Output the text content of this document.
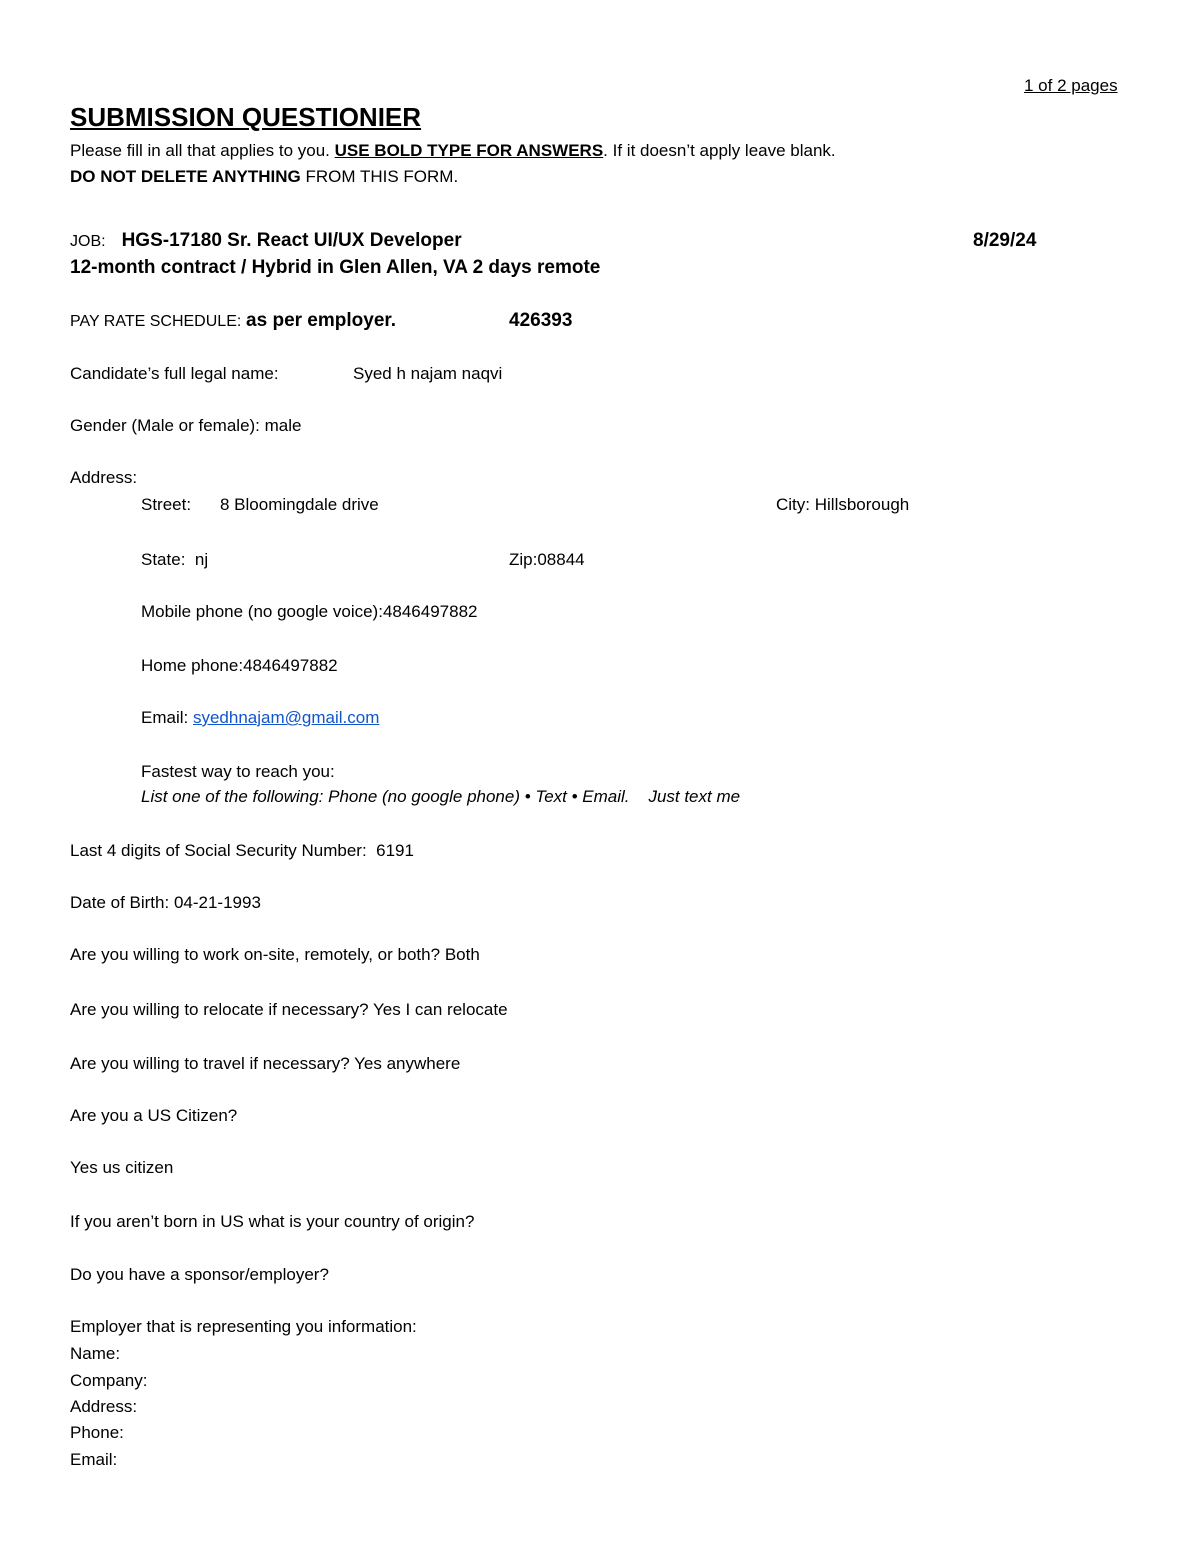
1 of 2 pages
SUBMISSION QUESTIONIER
Please fill in all that applies to you. USE BOLD TYPE FOR ANSWERS. If it doesn’t apply leave blank.
DO NOT DELETE ANYTHING FROM THIS FORM.
JOB: HGS-17180 Sr. React UI/UX Developer	8/29/24
12-month contract / Hybrid in Glen Allen, VA 2 days remote
PAY RATE SCHEDULE: as per employer.	426393
Candidate’s full legal name:	Syed h najam naqvi
Gender (Male or female): male
Address:
Street: 8 Bloomingdale drive	City: Hillsborough
State: nj	Zip:08844
Mobile phone (no google voice):4846497882
Home phone:4846497882
Email: syedhnajam@gmail.com
Fastest way to reach you:
List one of the following: Phone (no google phone) • Text • Email. Just text me
Last 4 digits of Social Security Number: 6191
Date of Birth: 04-21-1993
Are you willing to work on-site, remotely, or both? Both
Are you willing to relocate if necessary? Yes I can relocate
Are you willing to travel if necessary? Yes anywhere
Are you a US Citizen?
Yes us citizen
If you aren’t born in US what is your country of origin?
Do you have a sponsor/employer?
Employer that is representing you information:
Name:
Company:
Address:
Phone:
Email:
